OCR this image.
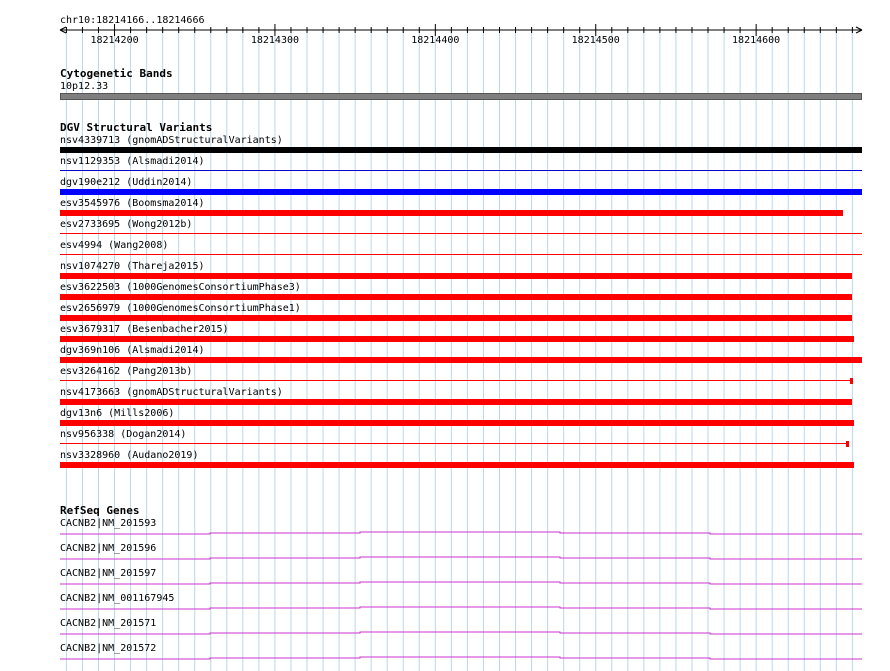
chr10:18214166..18214666
18214200	18214300	18214400	18214500	18214600
Cytogenetic Bands
10p12.33
DGV Structural Variants
nsv4339713 (gnomADStructuralVariants)
nsv1129353 (Alsmadi2014)
dgv190e212 (Uddin2014)
esv3545976 (Boomsma2014)
esv2733695 (Wong2012b)
esv4994 (Wang2008)
nsv1074270 (Thareja2015)
esv3622503 (1000GenomesConsortiumPhase3)
esv2656979 (1000GenomesConsortiumPhase1)
esv3679317 (Besenbacher2015)
dgv369n106 (Alsmadi2014)
esv3264162 (Pang2013b)
nsv4173663 (gnomADStructuralVariants)
dgv13n6 (Mills2006)
nsv956338 (Dogan2014)
nsv3328960 (Audano2019)
RefSeq Genes
CACNB2|NM_201593
CACNB2|NM_201596
CACNB2|NM_201597
CACNB2|NM_001167945
CACNB2|NM_201571
CACNB2|NM_201572
